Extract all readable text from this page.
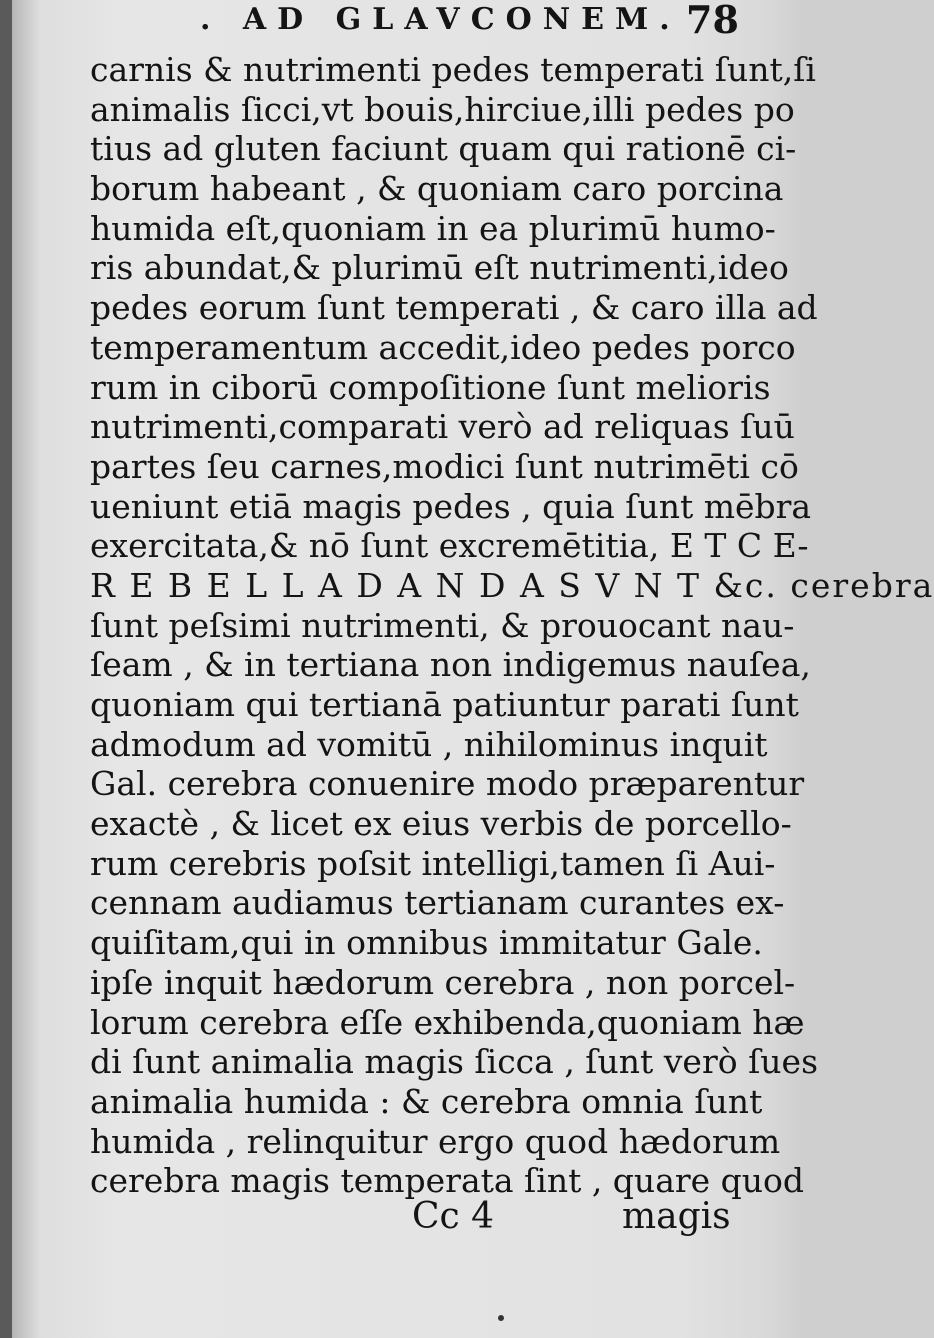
. AD GLAVCONEM. 78
carnis & nutrimenti pedes temperati ſunt,ſi
animalis ſicci,vt bouis,hirciue,illi pedes po
tius ad gluten faciunt quam qui rationē ci-
borum habeant , & quoniam caro porcina
humida eſt,quoniam in ea plurimū humo-
ris abundat,& plurimū eſt nutrimenti,ideo
pedes eorum ſunt temperati , & caro illa ad
temperamentum accedit,ideo pedes porco
rum in ciborū compoſitione ſunt melioris
nutrimenti,comparati verò ad reliquas ſuū
partes ſeu carnes,modici ſunt nutrimēti cō
ueniunt etiā magis pedes , quia ſunt mēbra
exercitata,& nō ſunt excremētitia, E T C E-
R E B E L L A D A N D A S V N T &c. cerebra
ſunt peſsimi nutrimenti, & prouocant nau-
ſeam , & in tertiana non indigemus nauſea,
quoniam qui tertianā patiuntur parati ſunt
admodum ad vomitū , nihilominus inquit
Gal. cerebra conuenire modo præparentur
exactè , & licet ex eius verbis de porcello-
rum cerebris poſsit intelligi,tamen ſi Aui-
cennam audiamus tertianam curantes ex-
quiſitam,qui in omnibus immitatur Gale.
ipſe inquit hædorum cerebra , non porcel-
lorum cerebra eſſe exhibenda,quoniam hæ
di ſunt animalia magis ſicca , ſunt verò ſues
animalia humida : & cerebra omnia ſunt
humida , relinquitur ergo quod hædorum
cerebra magis temperata ſint , quare quod
Cc 4	magis
